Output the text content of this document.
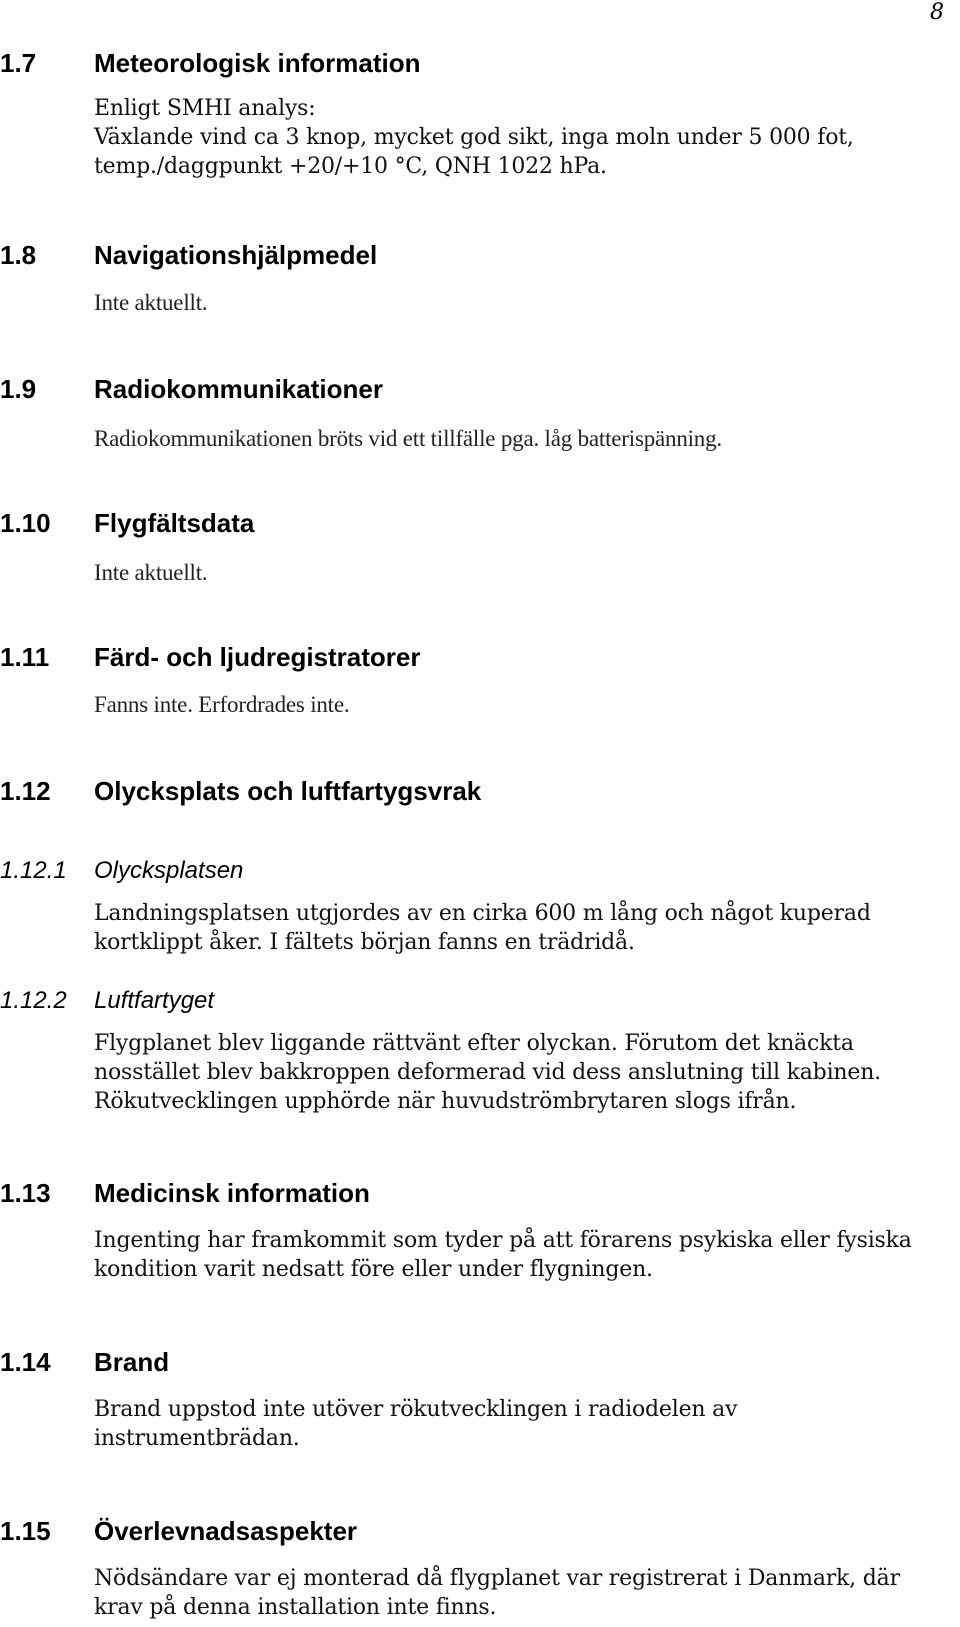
8
1.7	Meteorologisk information
Enligt SMHI analys:
Växlande vind ca 3 knop, mycket god sikt, inga moln under 5 000 fot,
temp./daggpunkt +20/+10 °C, QNH 1022 hPa.
1.8	Navigationshjälpmedel
Inte aktuellt.
1.9	Radiokommunikationer
Radiokommunikationen bröts vid ett tillfälle pga. låg batterispänning.
1.10	Flygfältsdata
Inte aktuellt.
1.11	Färd- och ljudregistratorer
Fanns inte. Erfordrades inte.
1.12	Olycksplats och luftfartygsvrak
1.12.1	Olycksplatsen
Landningsplatsen utgjordes av en cirka 600 m lång och något kuperad
kortklippt åker. I fältets början fanns en trädridå.
1.12.2	Luftfartyget
Flygplanet blev liggande rättvänt efter olyckan. Förutom det knäckta
nosstället blev bakkroppen deformerad vid dess anslutning till kabinen.
Rökutvecklingen upphörde när huvudströmbrytaren slogs ifrån.
1.13	Medicinsk information
Ingenting har framkommit som tyder på att förarens psykiska eller fysiska
kondition varit nedsatt före eller under flygningen.
1.14	Brand
Brand uppstod inte utöver rökutvecklingen i radiodelen av
instrumentbrädan.
1.15	Överlevnadsaspekter
Nödsändare var ej monterad då flygplanet var registrerat i Danmark, där
krav på denna installation inte finns.
